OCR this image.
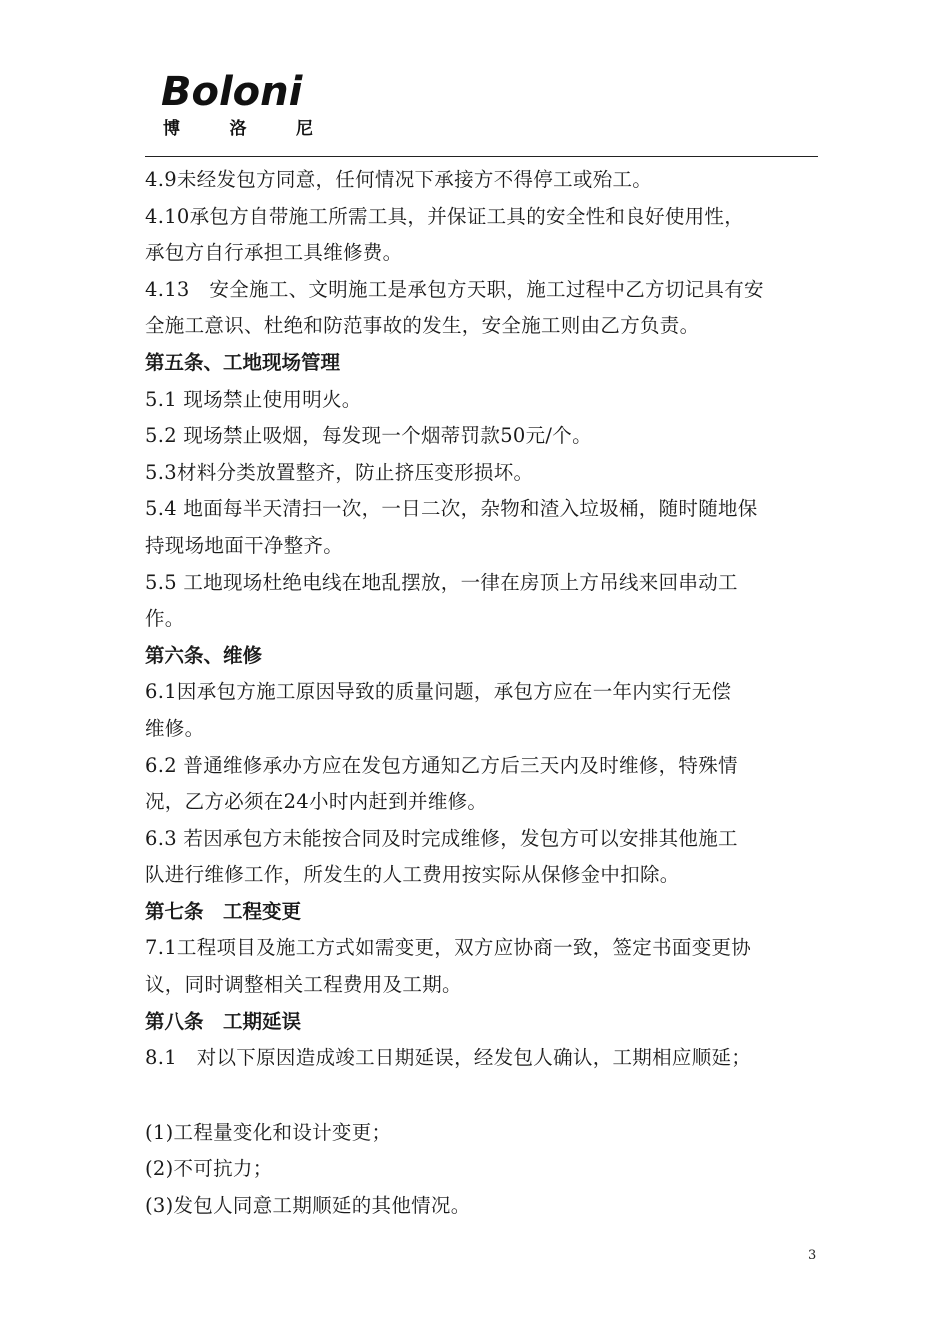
Boloni
博	洛	尼
4.9未经发包方同意，任何情况下承接方不得停工或殆工。
4.10承包方自带施工所需工具，并保证工具的安全性和良好使用性，
承包方自行承担工具维修费。
4.13　安全施工、文明施工是承包方天职，施工过程中乙方切记具有安
全施工意识、杜绝和防范事故的发生，安全施工则由乙方负责。
第五条、工地现场管理
5.1 现场禁止使用明火。
5.2 现场禁止吸烟，每发现一个烟蒂罚款50元/个。
5.3材料分类放置整齐，防止挤压变形损坏。
5.4 地面每半天清扫一次，一日二次，杂物和渣入垃圾桶，随时随地保
持现场地面干净整齐。
5.5 工地现场杜绝电线在地乱摆放，一律在房顶上方吊线来回串动工
作。
第六条、维修
6.1因承包方施工原因导致的质量问题，承包方应在一年内实行无偿
维修。
6.2 普通维修承办方应在发包方通知乙方后三天内及时维修，特殊情
况，乙方必须在24小时内赶到并维修。
6.3 若因承包方未能按合同及时完成维修，发包方可以安排其他施工
队进行维修工作，所发生的人工费用按实际从保修金中扣除。
第七条　工程变更
7.1工程项目及施工方式如需变更，双方应协商一致，签定书面变更协
议，同时调整相关工程费用及工期。
第八条　工期延误
8.1　对以下原因造成竣工日期延误，经发包人确认，工期相应顺延；
(1)工程量变化和设计变更；
(2)不可抗力；
(3)发包人同意工期顺延的其他情况。
3
